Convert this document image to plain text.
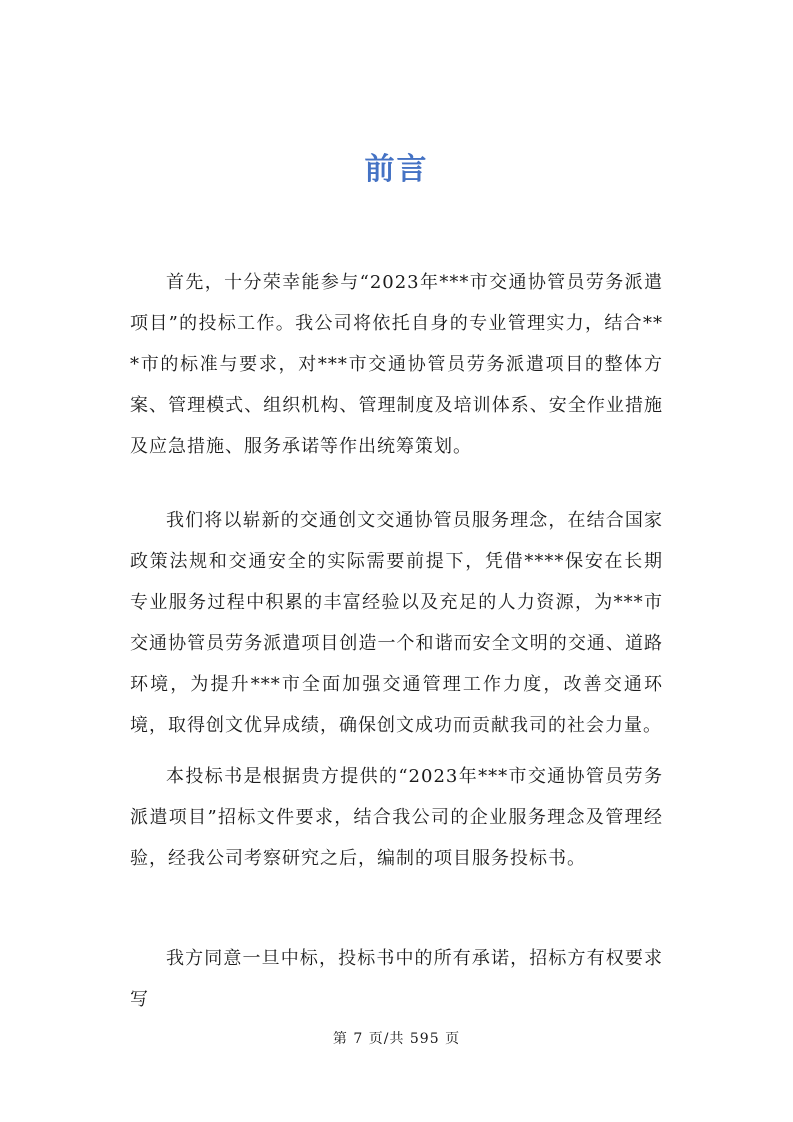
前言

首先，十分荣幸能参与“2023年***市交通协管员劳务派遣项目”的投标工作。我公司将依托自身的专业管理实力，结合***市的标准与要求，对***市交通协管员劳务派遣项目的整体方案、管理模式、组织机构、管理制度及培训体系、安全作业措施及应急措施、服务承诺等作出统筹策划。

我们将以崭新的交通创文交通协管员服务理念，在结合国家政策法规和交通安全的实际需要前提下，凭借****保安在长期专业服务过程中积累的丰富经验以及充足的人力资源，为***市交通协管员劳务派遣项目创造一个和谐而安全文明的交通、道路环境，为提升***市全面加强交通管理工作力度，改善交通环境，取得创文优异成绩，确保创文成功而贡献我司的社会力量。

本投标书是根据贵方提供的“2023年***市交通协管员劳务派遣项目”招标文件要求，结合我公司的企业服务理念及管理经验，经我公司考察研究之后，编制的项目服务投标书。

我方同意一旦中标，投标书中的所有承诺，招标方有权要求写

第 7 页/共 595 页
